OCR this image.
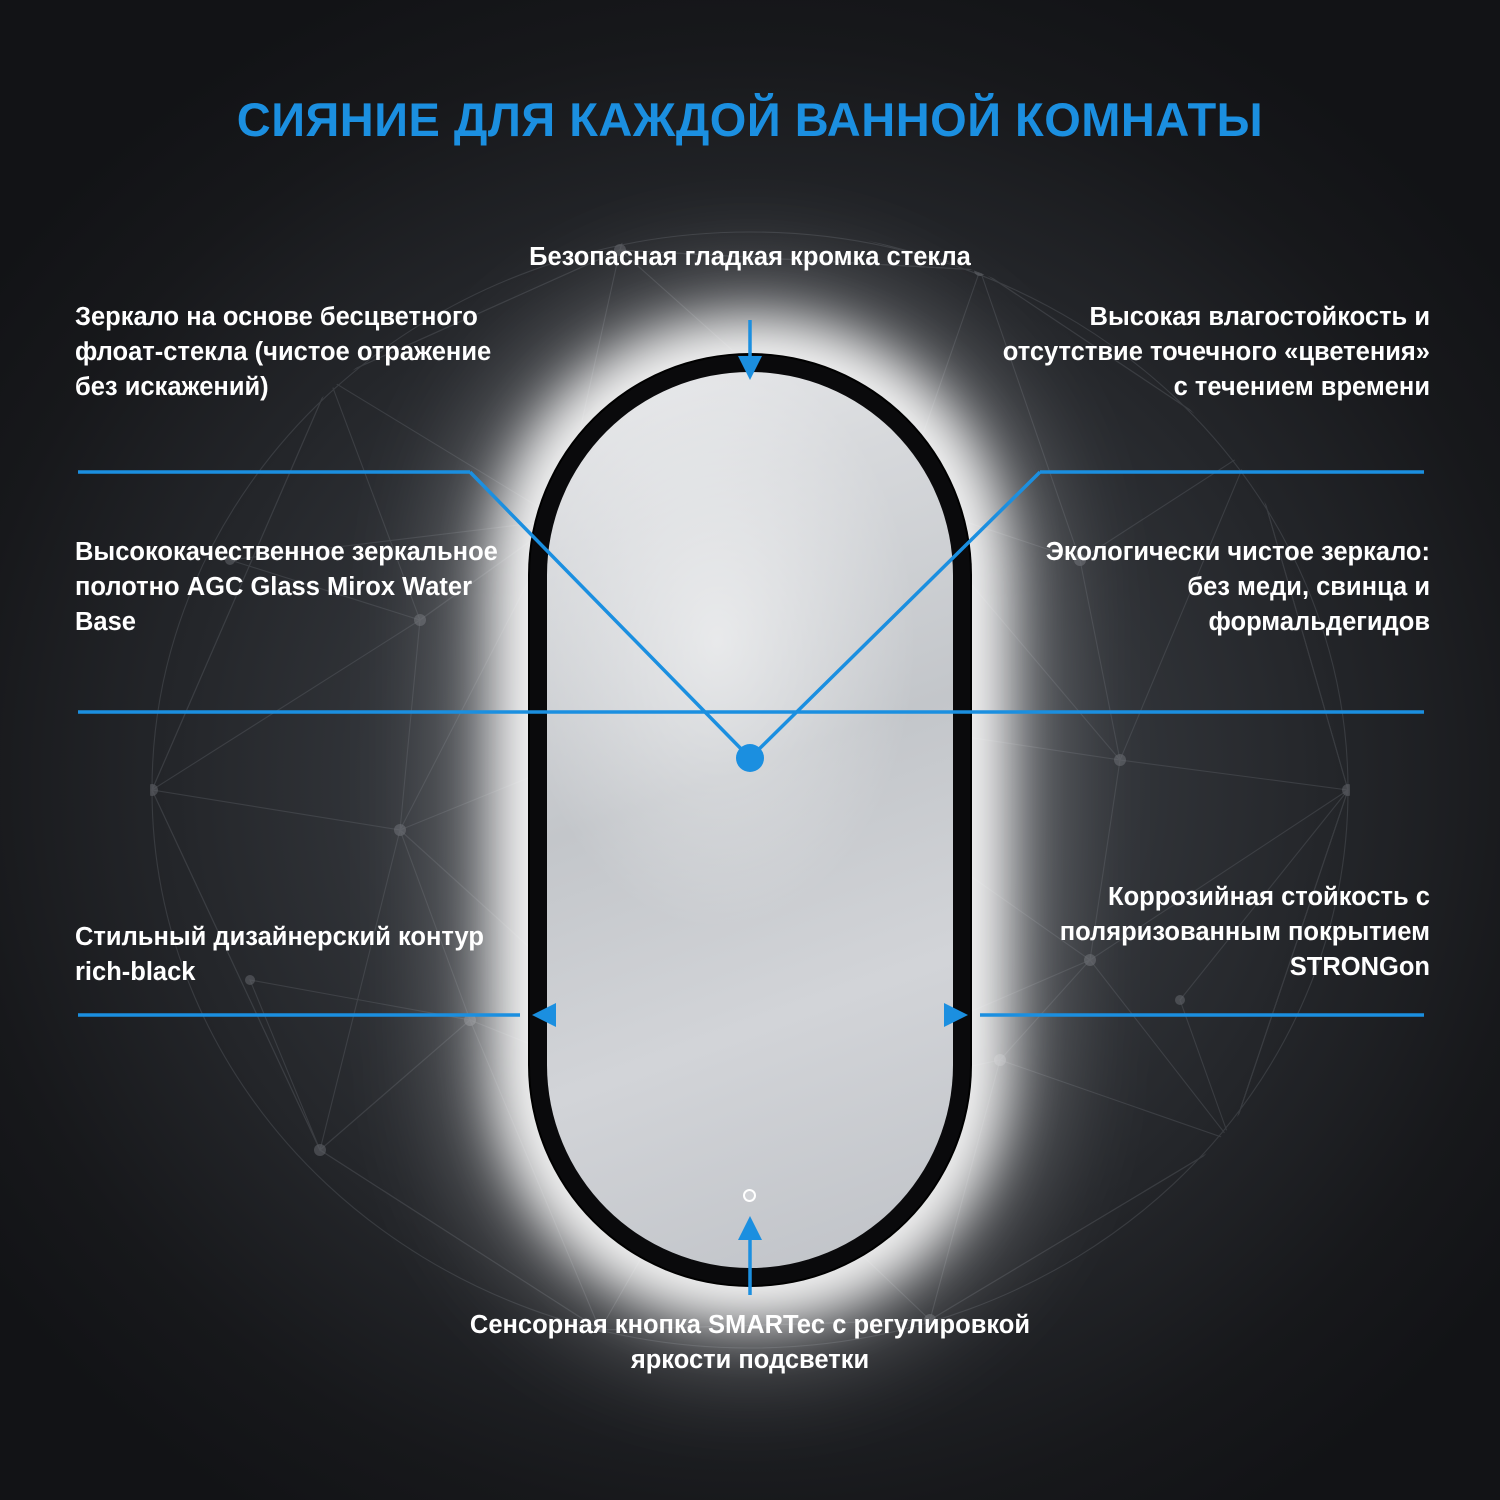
СИЯНИЕ ДЛЯ КАЖДОЙ ВАННОЙ КОМНАТЫ
Безопасная гладкая кромка стекла
Зеркало на основе бесцветного флоат-стекла (чистое отражение без искажений)
Высококачественное зеркальное полотно AGC Glass Mirox Water Base
Стильный дизайнерский контур rich-black
Высокая влагостойкость и отсутствие точечного «цветения» с течением времени
Экологически чистое зеркало: без меди, свинца и формальдегидов
Коррозийная стойкость с поляризованным покрытием STRONGon
Сенсорная кнопка SMARTec с регулировкой яркости подсветки
